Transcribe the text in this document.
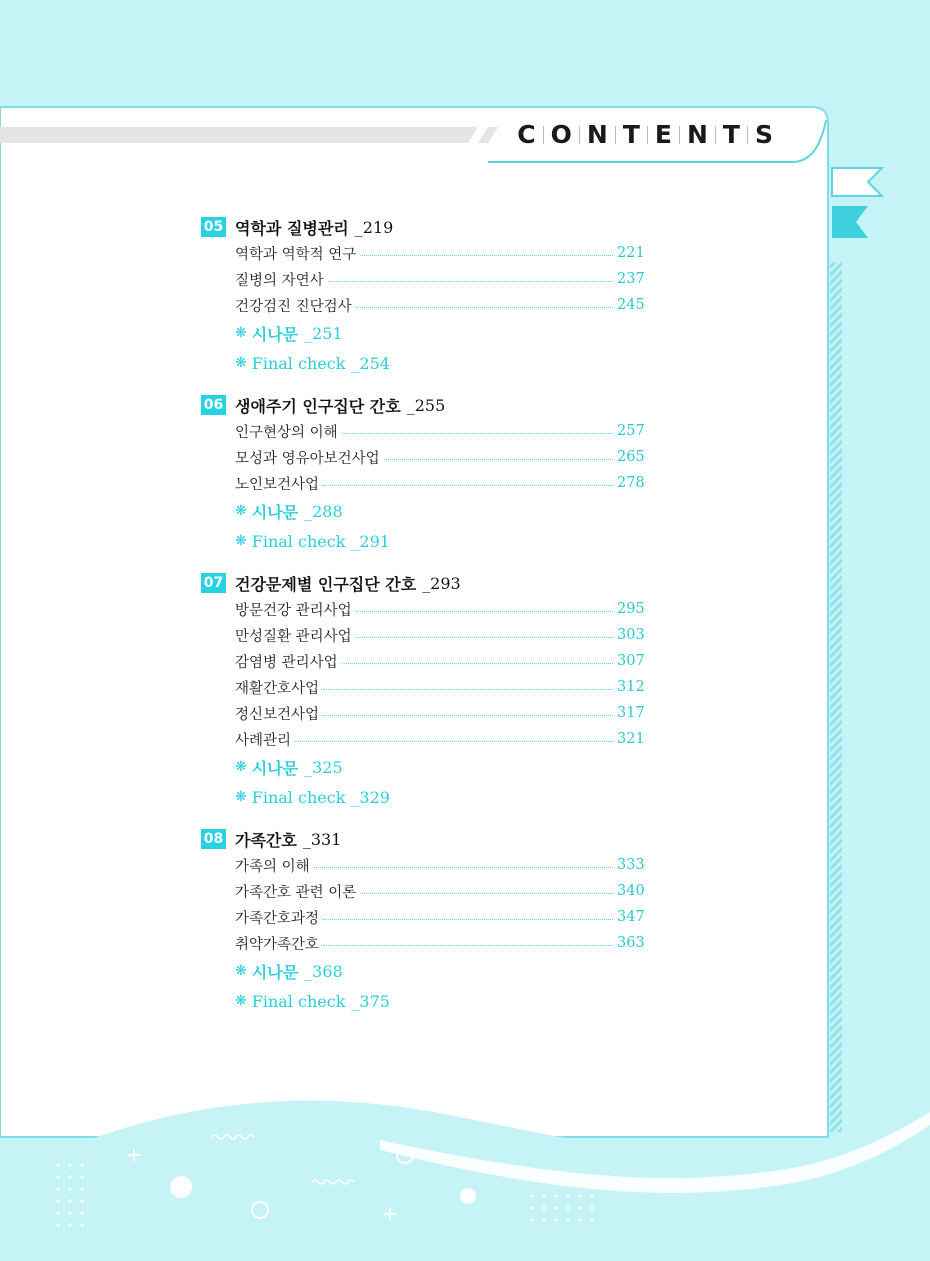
C O N T E N T S
05 역학과 질병관리 _219
역학과 역학적 연구	221
질병의 자연사	237
건강검진 진단검사	245
❋ 시나문 _251
❋ Final check _254
06 생애주기 인구집단 간호 _255
인구현상의 이해	257
모성과 영유아보건사업	265
노인보건사업	278
❋ 시나문 _288
❋ Final check _291
07 건강문제별 인구집단 간호 _293
방문건강 관리사업	295
만성질환 관리사업	303
감염병 관리사업	307
재활간호사업	312
정신보건사업	317
사례관리	321
❋ 시나문 _325
❋ Final check _329
08 가족간호 _331
가족의 이해	333
가족간호 관련 이론	340
가족간호과정	347
취약가족간호	363
❋ 시나문 _368
❋ Final check _375
